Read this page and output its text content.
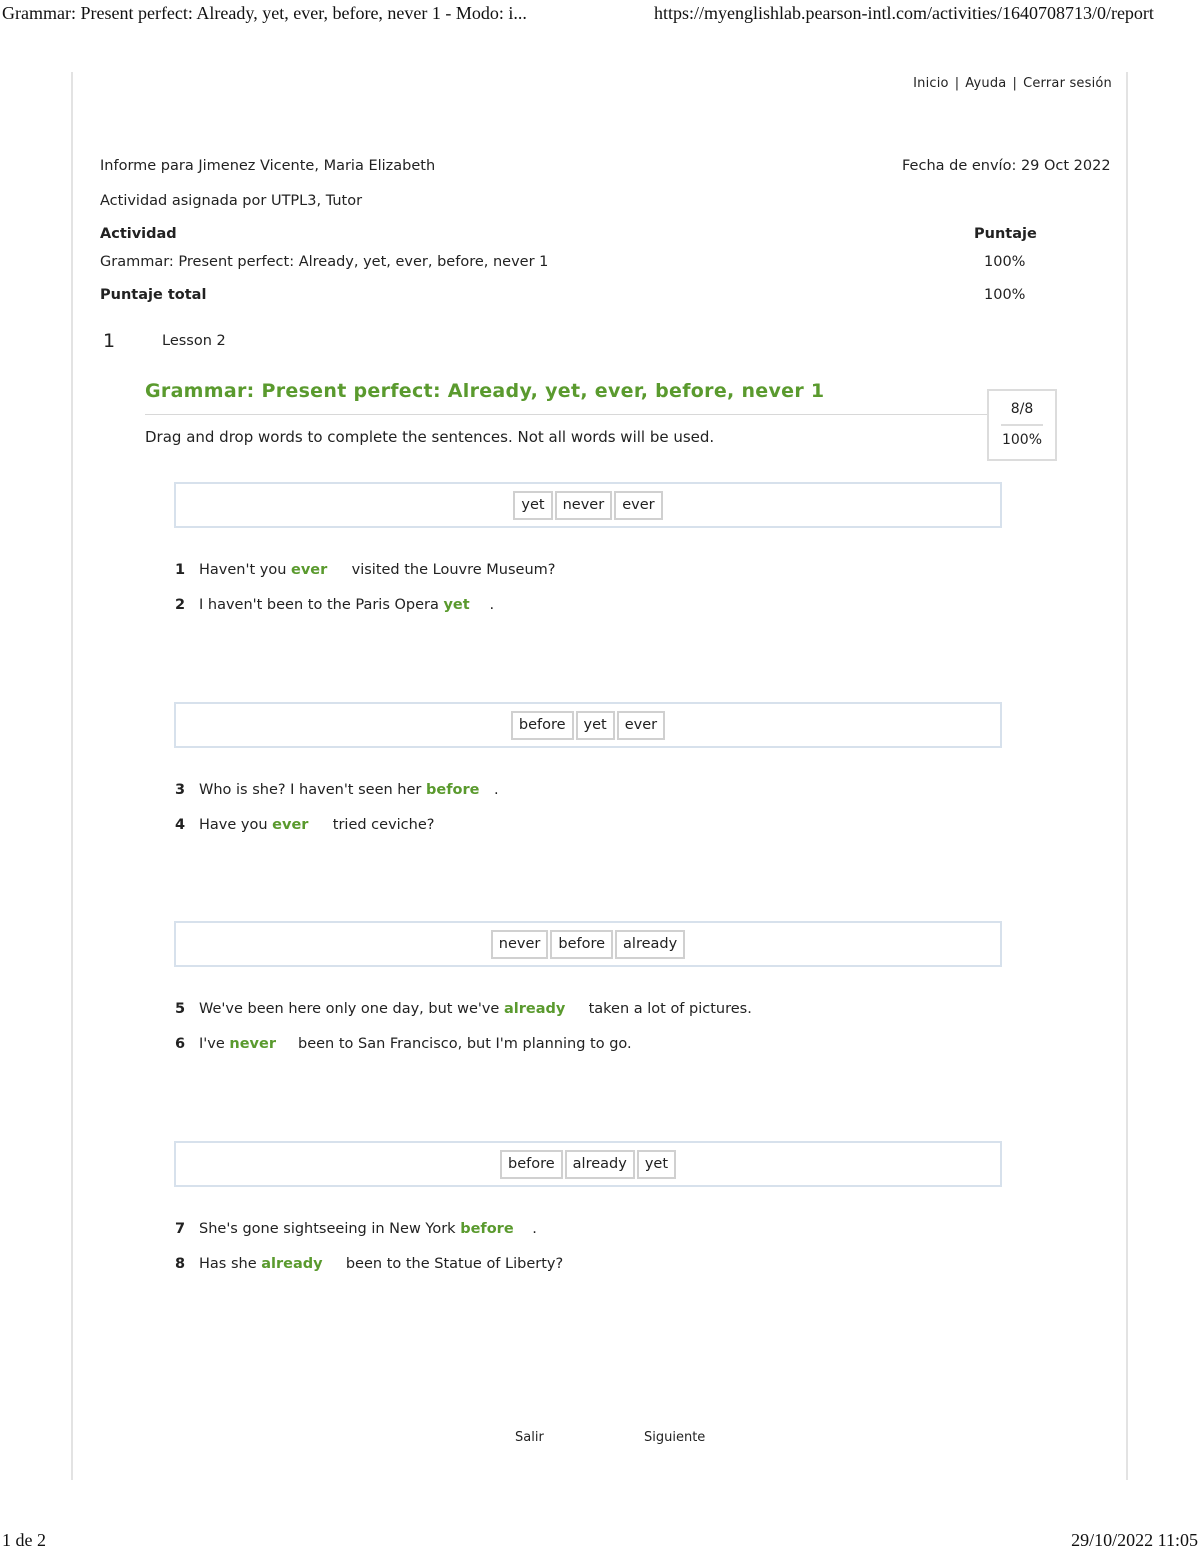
Grammar: Present perfect: Already, yet, ever, before, never 1 - Modo: i...	https://myenglishlab.pearson-intl.com/activities/1640708713/0/report
Inicio | Ayuda | Cerrar sesión
Informe para Jimenez Vicente, Maria Elizabeth	Fecha de envío: 29 Oct 2022
Actividad asignada por UTPL3, Tutor
Actividad	Puntaje
Grammar: Present perfect: Already, yet, ever, before, never 1	100%
Puntaje total	100%
1	Lesson 2
Grammar: Present perfect: Already, yet, ever, before, never 1
Drag and drop words to complete the sentences. Not all words will be used.
8/8
100%
yet	never	ever
1 Haven't you ever visited the Louvre Museum?
2 I haven't been to the Paris Opera yet .
before	yet	ever
3 Who is she? I haven't seen her before .
4 Have you ever tried ceviche?
never	before	already
5 We've been here only one day, but we've already taken a lot of pictures.
6 I've never been to San Francisco, but I'm planning to go.
before	already	yet
7 She's gone sightseeing in New York before .
8 Has she already been to the Statue of Liberty?
Salir	Siguiente
1 de 2	29/10/2022 11:05
